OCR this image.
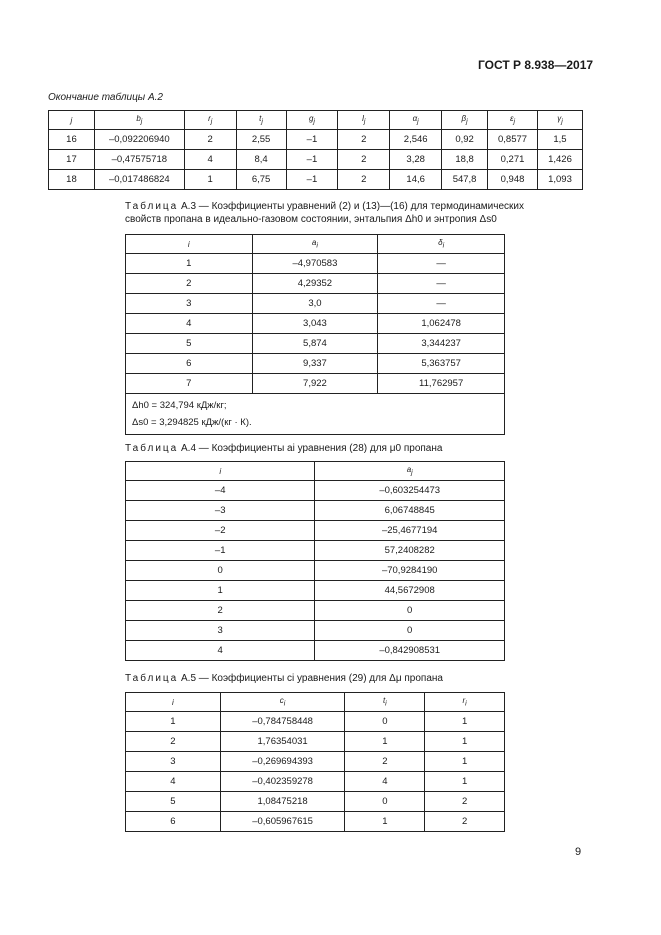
ГОСТ Р 8.938—2017
Окончание таблицы А.2
j	$b_j$	$r_j$	$t_j$	$g_j$	$l_j$	$\alpha_j$	$\beta_j$	$\varepsilon_j$	$\gamma_j$
16	–0,092206940	2	2,55	–1	2	2,546	0,92	0,8577	1,5
17	–0,47575718	4	8,4	–1	2	3,28	18,8	0,271	1,426
18	–0,017486824	1	6,75	–1	2	14,6	547,8	0,948	1,093
Таблица А.3 — Коэффициенты уравнений (2) и (13)—(16) для термодинамических
свойств пропана в идеально-газовом состоянии, энтальпия Δh0 и энтропия Δs0
i	$a_i$	$\delta_i$
1	–4,970583	—
2	4,29352	—
3	3,0	—
4	3,043	1,062478
5	5,874	3,344237
6	9,337	5,363757
7	7,922	11,762957

Δh0 = 324,794 кДж/кг;
Δs0 = 3,294825 кДж/(кг · К).		
Таблица А.4 — Коэффициенты ai уравнения (28) для μ0 пропана
i	$a_j$
–4	–0,603254473
–3	6,06748845
–2	–25,4677194
–1	57,2408282
0	–70,9284190
1	44,5672908
2	0
3	0
4	–0,842908531
Таблица А.5 — Коэффициенты ci уравнения (29) для Δμ пропана
i	$c_i$	$t_i$	$r_i$
1	–0,784758448	0	1
2	1,76354031	1	1
3	–0,269694393	2	1
4	–0,402359278	4	1
5	1,08475218	0	2
6	–0,605967615	1	2
9
